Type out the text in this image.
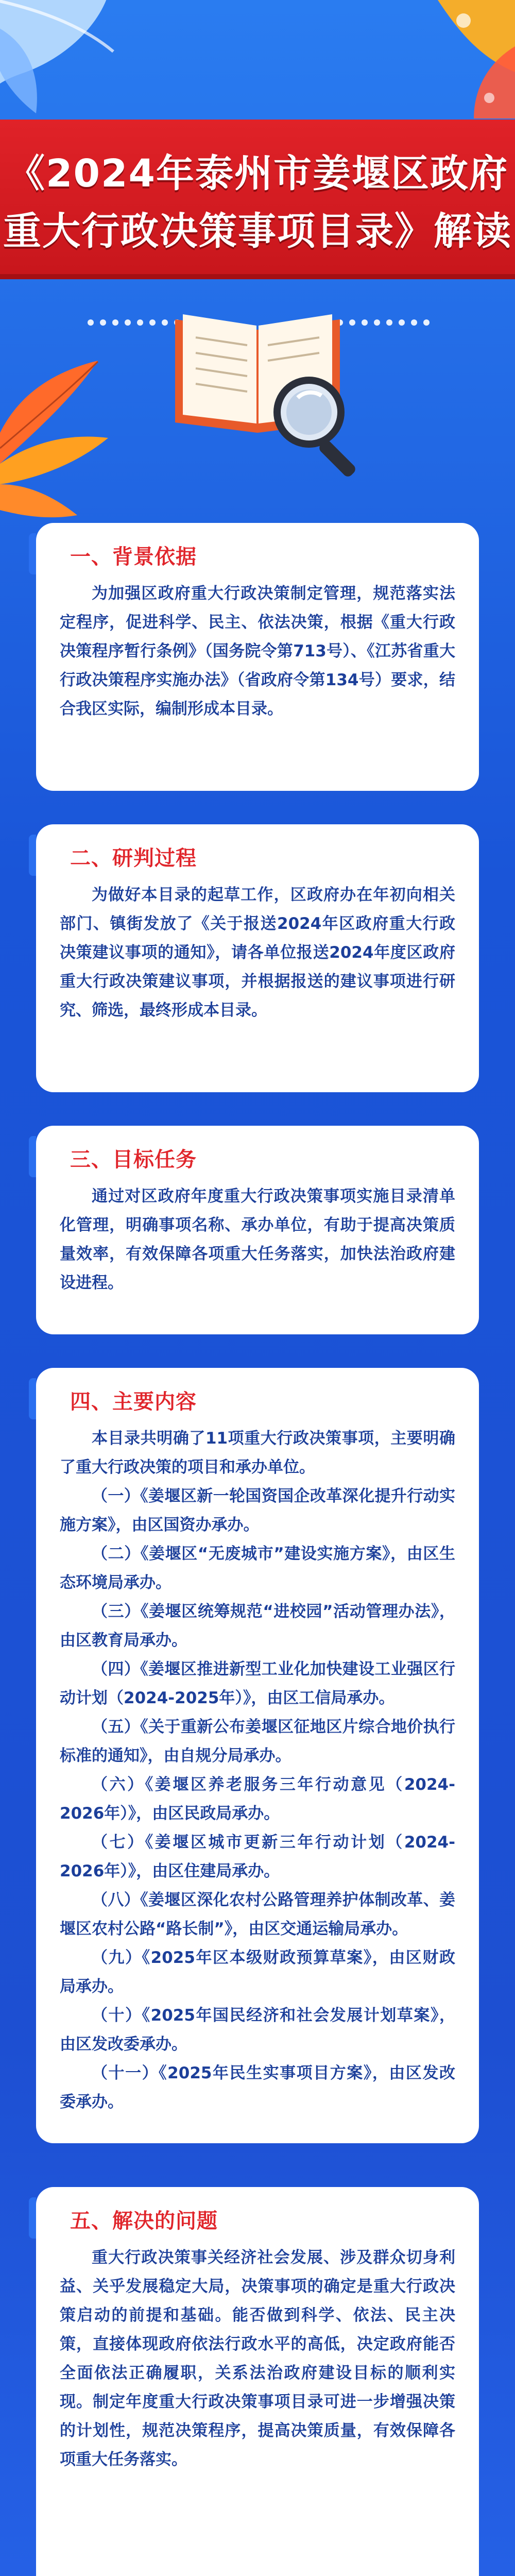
《2024年泰州市姜堰区政府
重大行政决策事项目录》解读
一、背景依据

为加强区政府重大行政决策制定管理，规范落实法定程序，促进科学、民主、依法决策，根据《重大行政决策程序暂行条例》（国务院令第713号）、《江苏省重大行政决策程序实施办法》（省政府令第134号）要求，结合我区实际，编制形成本目录。

二、研判过程

为做好本目录的起草工作，区政府办在年初向相关部门、镇街发放了《关于报送2024年区政府重大行政决策建议事项的通知》，请各单位报送2024年度区政府重大行政决策建议事项，并根据报送的建议事项进行研究、筛选，最终形成本目录。

三、目标任务

通过对区政府年度重大行政决策事项实施目录清单化管理，明确事项名称、承办单位，有助于提高决策质量效率，有效保障各项重大任务落实，加快法治政府建设进程。

四、主要内容

本目录共明确了11项重大行政决策事项，主要明确了重大行政决策的项目和承办单位。

（一）《姜堰区新一轮国资国企改革深化提升行动实施方案》，由区国资办承办。

（二）《姜堰区“无废城市”建设实施方案》，由区生态环境局承办。

（三）《姜堰区统筹规范“进校园”活动管理办法》，由区教育局承办。

（四）《姜堰区推进新型工业化加快建设工业强区行动计划（2024-2025年）》，由区工信局承办。

（五）《关于重新公布姜堰区征地区片综合地价执行标准的通知》，由自规分局承办。

（六）《姜堰区养老服务三年行动意见（2024-2026年）》，由区民政局承办。

（七）《姜堰区城市更新三年行动计划（2024-2026年）》，由区住建局承办。

（八）《姜堰区深化农村公路管理养护体制改革、姜堰区农村公路“路长制”》，由区交通运输局承办。

（九）《2025年区本级财政预算草案》，由区财政局承办。

（十）《2025年国民经济和社会发展计划草案》，由区发改委承办。

（十一）《2025年民生实事项目方案》，由区发改委承办。

五、解决的问题

重大行政决策事关经济社会发展、涉及群众切身利益、关乎发展稳定大局，决策事项的确定是重大行政决策启动的前提和基础。能否做到科学、依法、民主决策，直接体现政府依法行政水平的高低，决定政府能否全面依法正确履职，关系法治政府建设目标的顺利实现。制定年度重大行政决策事项目录可进一步增强决策的计划性，规范决策程序，提高决策质量，有效保障各项重大任务落实。
